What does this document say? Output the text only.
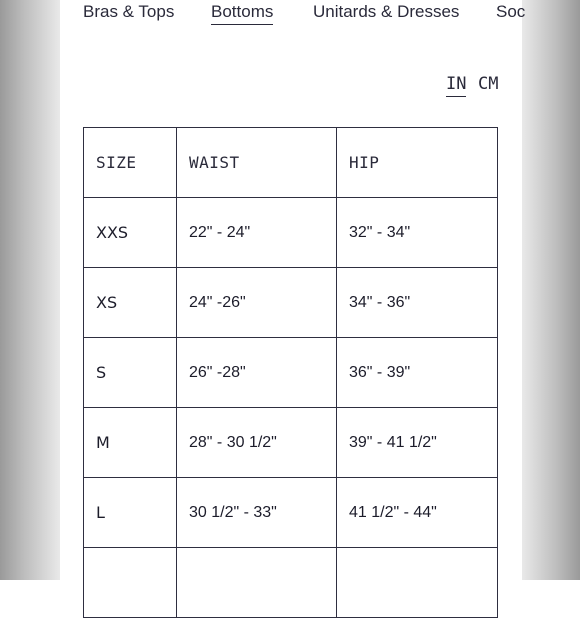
Bras & Tops Bottoms Unitards & Dresses Soc
IN CM
SIZE	WAIST	HIP
XXS	22" - 24"	32" - 34"
XS	24" -26"	34" - 36"
S	26" -28"	36" - 39"
M	28" - 30 1/2"	39" - 41 1/2"
L	30 1/2" - 33"	41 1/2" - 44"
